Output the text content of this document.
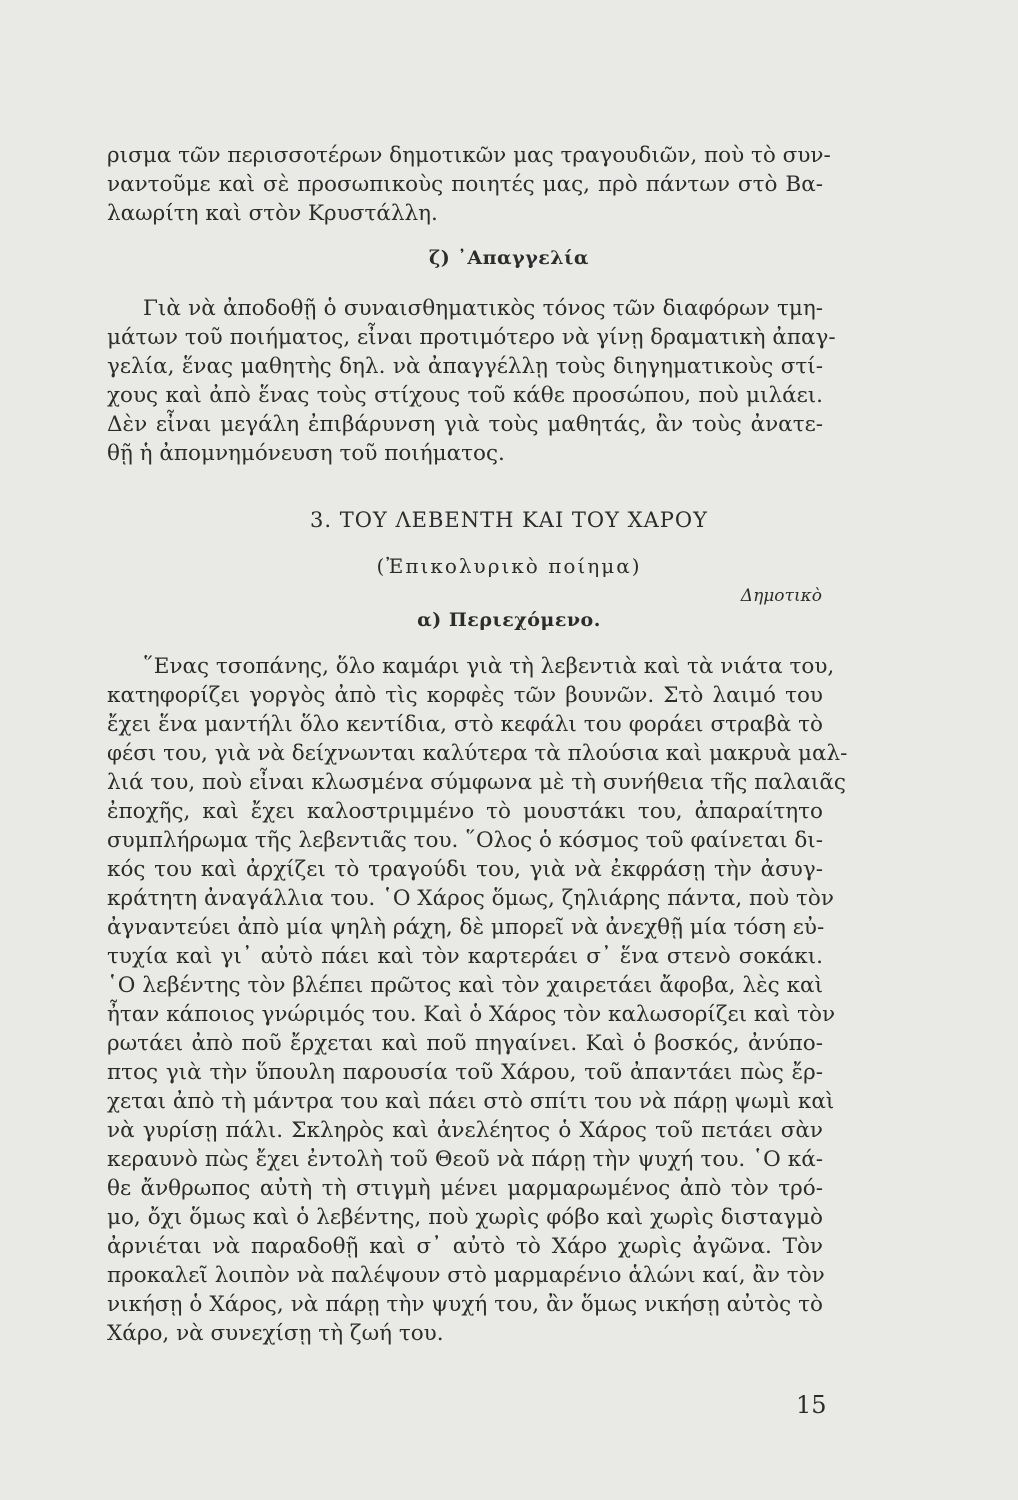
ρισμα τῶν περισσοτέρων δημοτικῶν μας τραγουδιῶν, ποὺ τὸ συν-
ναντοῦμε καὶ σὲ προσωπικοὺς ποιητές μας, πρὸ πάντων στὸ Βα-
λαωρίτη καὶ στὸν Κρυστάλλη.
ζ) ᾿Απαγγελία
Γιὰ νὰ ἀποδοθῇ ὁ συναισθηματικὸς τόνος τῶν διαφόρων τμη-
μάτων τοῦ ποιήματος, εἶναι προτιμότερο νὰ γίνῃ δραματικὴ ἀπαγ-
γελία, ἕνας μαθητὴς δηλ. νὰ ἀπαγγέλλῃ τοὺς διηγηματικοὺς στί-
χους καὶ ἀπὸ ἕνας τοὺς στίχους τοῦ κάθε προσώπου, ποὺ μιλάει.
Δὲν εἶναι μεγάλη ἐπιβάρυνση γιὰ τοὺς μαθητάς, ἂν τοὺς ἀνατε-
θῇ ἡ ἀπομνημόνευση τοῦ ποιήματος.
3. ΤΟΥ ΛΕΒΕΝΤΗ ΚΑΙ ΤΟΥ ΧΑΡΟΥ
(Ἐπικολυρικὸ ποίημα)
Δημοτικὸ
α) Περιεχόμενο.
῞Ενας τσοπάνης, ὅλο καμάρι γιὰ τὴ λεβεντιὰ καὶ τὰ νιάτα του,
κατηφορίζει γοργὸς ἀπὸ τὶς κορφὲς τῶν βουνῶν. Στὸ λαιμό του
ἔχει ἕνα μαντήλι ὅλο κεντίδια, στὸ κεφάλι του φοράει στραβὰ τὸ
φέσι του, γιὰ νὰ δείχνωνται καλύτερα τὰ πλούσια καὶ μακρυὰ μαλ-
λιά του, ποὺ εἶναι κλωσμένα σύμφωνα μὲ τὴ συνήθεια τῆς παλαιᾶς
ἐποχῆς, καὶ ἔχει καλοστριμμένο τὸ μουστάκι του, ἀπαραίτητο
συμπλήρωμα τῆς λεβεντιᾶς του. ῞Ολος ὁ κόσμος τοῦ φαίνεται δι-
κός του καὶ ἀρχίζει τὸ τραγούδι του, γιὰ νὰ ἐκφράσῃ τὴν ἀσυγ-
κράτητη ἀναγάλλια του. ῾Ο Χάρος ὅμως, ζηλιάρης πάντα, ποὺ τὸν
ἀγναντεύει ἀπὸ μία ψηλὴ ράχη, δὲ μπορεῖ νὰ ἀνεχθῇ μία τόση εὐ-
τυχία καὶ γι᾿ αὐτὸ πάει καὶ τὸν καρτεράει σ᾿ ἕνα στενὸ σοκάκι.
῾Ο λεβέντης τὸν βλέπει πρῶτος καὶ τὸν χαιρετάει ἄφοβα, λὲς καὶ
ἦταν κάποιος γνώριμός του. Καὶ ὁ Χάρος τὸν καλωσορίζει καὶ τὸν
ρωτάει ἀπὸ ποῦ ἔρχεται καὶ ποῦ πηγαίνει. Καὶ ὁ βοσκός, ἀνύπο-
πτος γιὰ τὴν ὕπουλη παρουσία τοῦ Χάρου, τοῦ ἀπαντάει πὼς ἔρ-
χεται ἀπὸ τὴ μάντρα του καὶ πάει στὸ σπίτι του νὰ πάρῃ ψωμὶ καὶ
νὰ γυρίσῃ πάλι. Σκληρὸς καὶ ἀνελέητος ὁ Χάρος τοῦ πετάει σὰν
κεραυνὸ πὼς ἔχει ἐντολὴ τοῦ Θεοῦ νὰ πάρῃ τὴν ψυχή του. ῾Ο κά-
θε ἄνθρωπος αὐτὴ τὴ στιγμὴ μένει μαρμαρωμένος ἀπὸ τὸν τρό-
μο, ὄχι ὅμως καὶ ὁ λεβέντης, ποὺ χωρὶς φόβο καὶ χωρὶς δισταγμὸ
ἀρνιέται νὰ παραδοθῇ καὶ σ᾿ αὐτὸ τὸ Χάρο χωρὶς ἀγῶνα. Τὸν
προκαλεῖ λοιπὸν νὰ παλέψουν στὸ μαρμαρένιο ἁλώνι καί, ἂν τὸν
νικήσῃ ὁ Χάρος, νὰ πάρῃ τὴν ψυχή του, ἂν ὅμως νικήσῃ αὐτὸς τὸ
Χάρο, νὰ συνεχίσῃ τὴ ζωή του.
15
